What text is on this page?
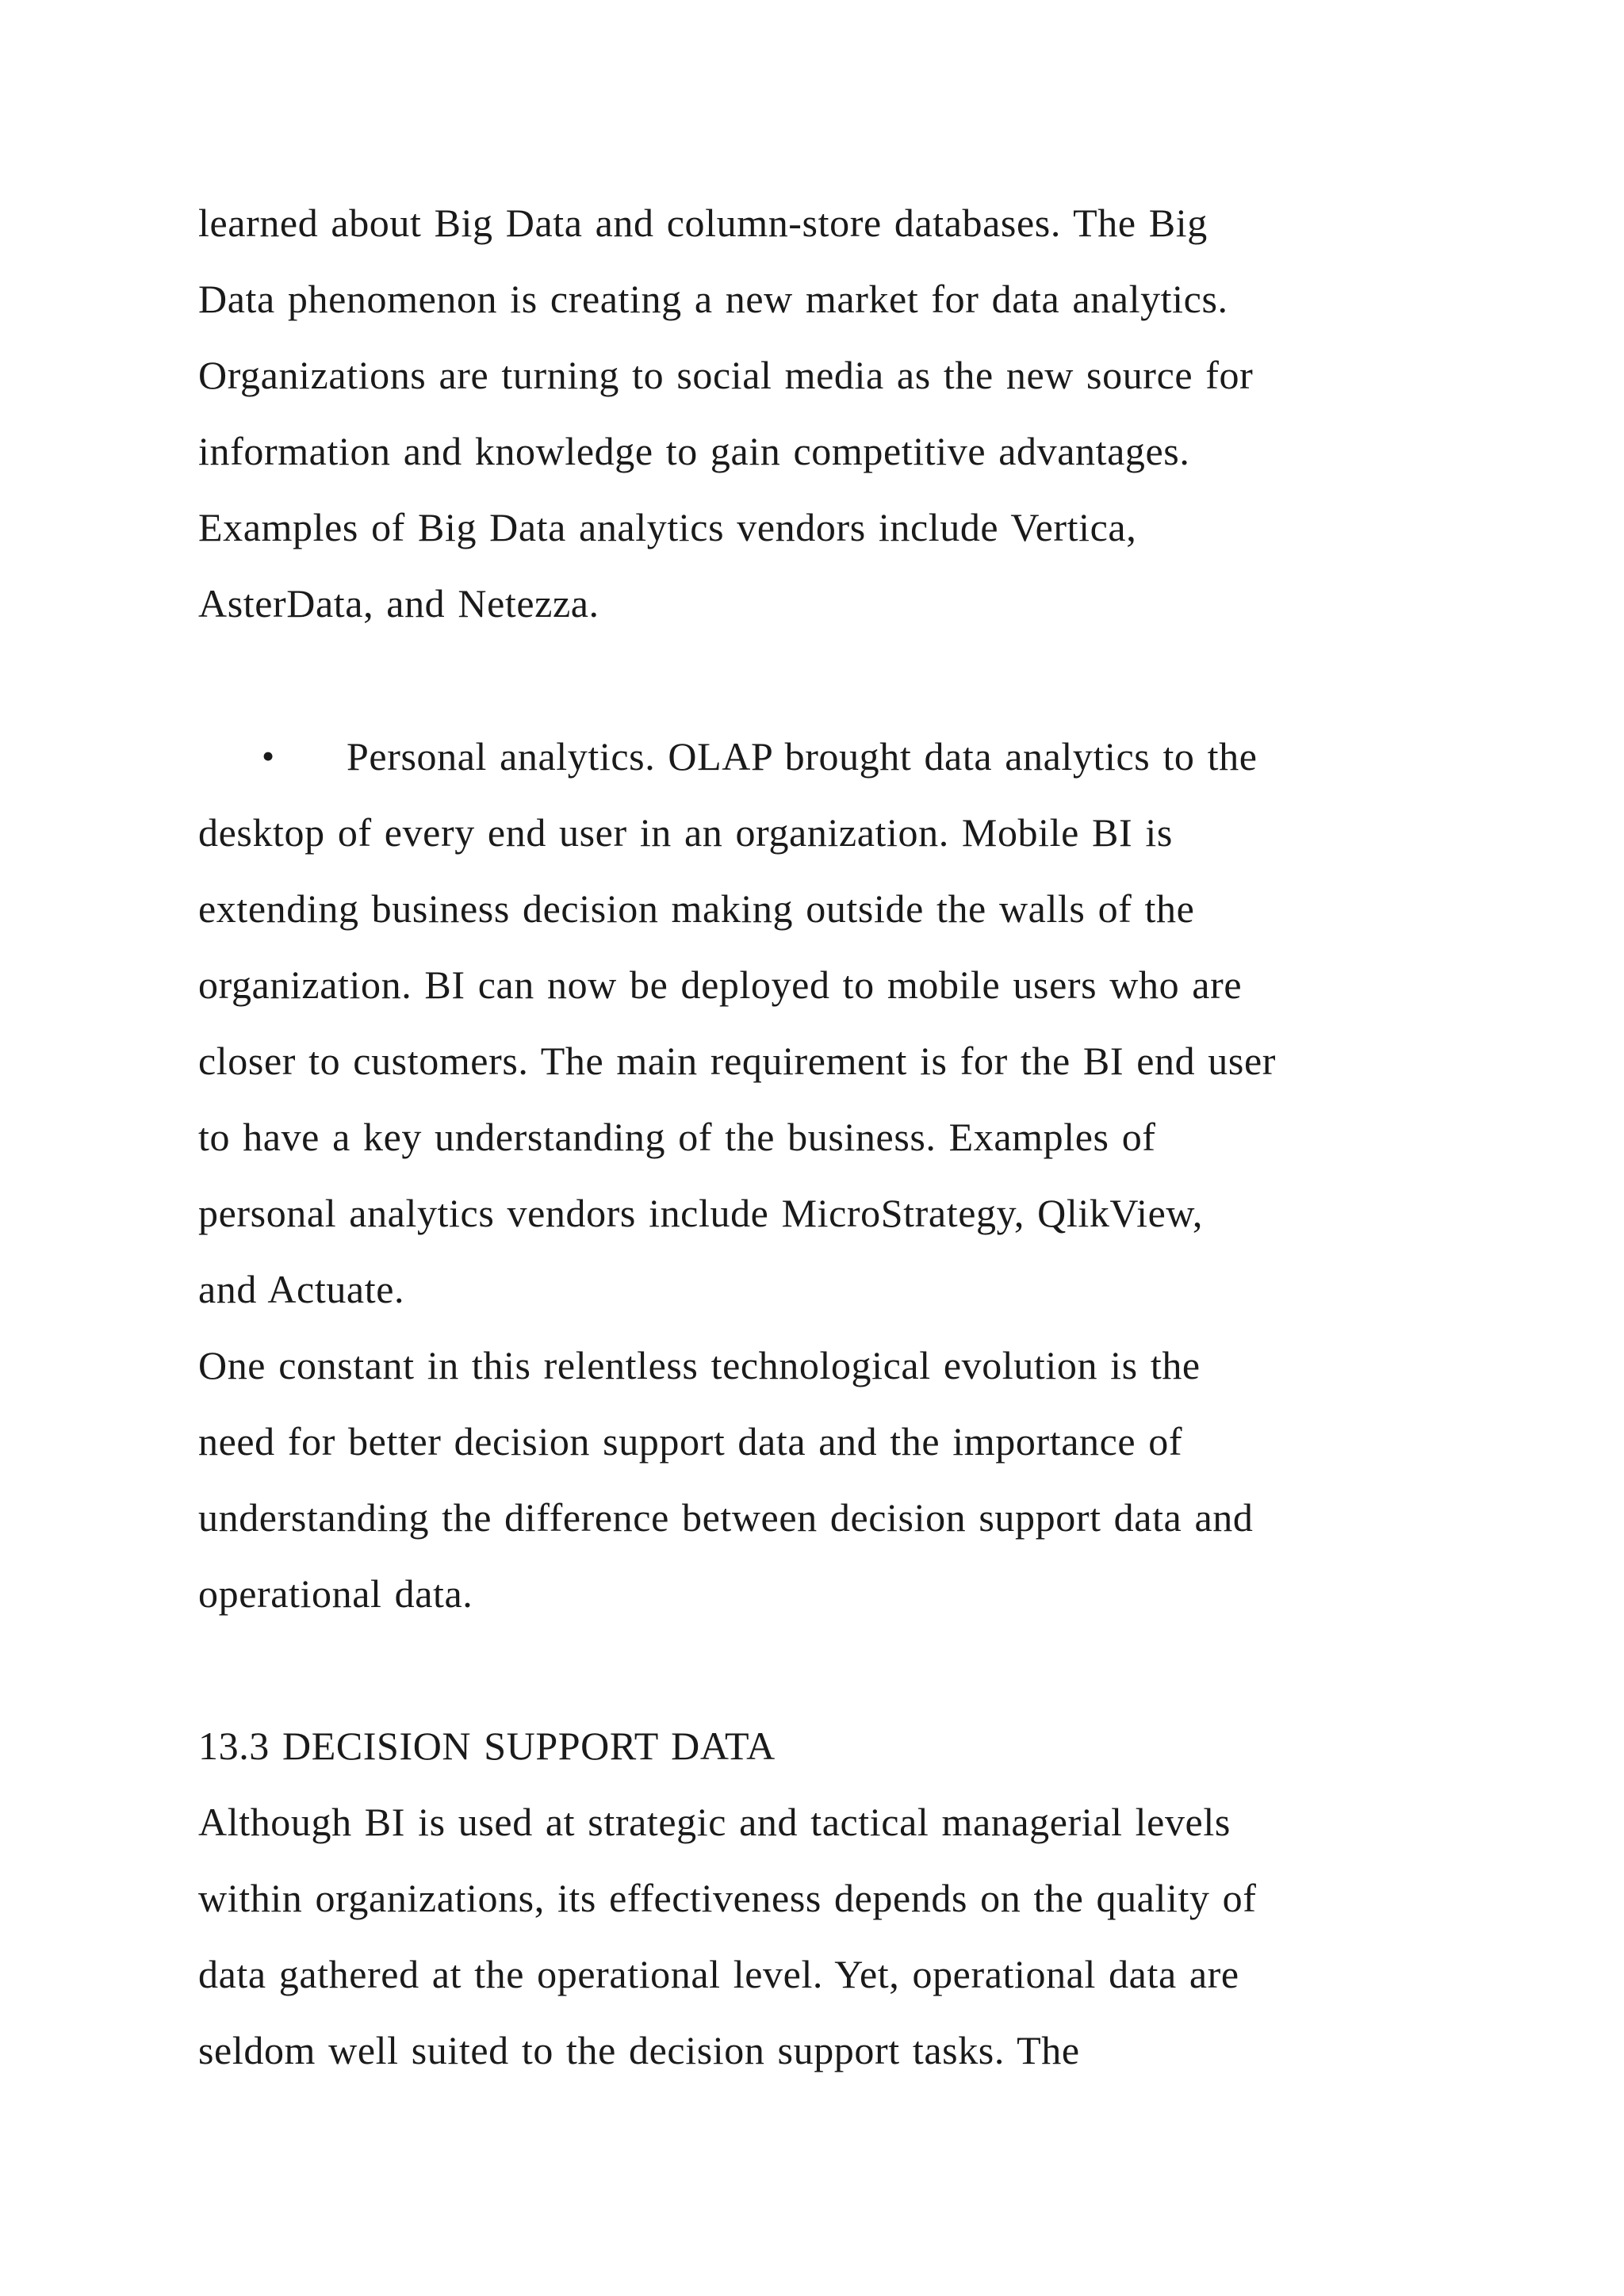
learned about Big Data and column-store databases. The Big
Data phenomenon is creating a new market for data analytics.
Organizations are turning to social media as the new source for
information and knowledge to gain competitive advantages.
Examples of Big Data analytics vendors include Vertica,
AsterData, and Netezza.
• Personal analytics. OLAP brought data analytics to the
desktop of every end user in an organization. Mobile BI is
extending business decision making outside the walls of the
organization. BI can now be deployed to mobile users who are
closer to customers. The main requirement is for the BI end user
to have a key understanding of the business. Examples of
personal analytics vendors include MicroStrategy, QlikView,
and Actuate.
One constant in this relentless technological evolution is the
need for better decision support data and the importance of
understanding the difference between decision support data and
operational data.
13.3 DECISION SUPPORT DATA
Although BI is used at strategic and tactical managerial levels
within organizations, its effectiveness depends on the quality of
data gathered at the operational level. Yet, operational data are
seldom well suited to the decision support tasks. The
